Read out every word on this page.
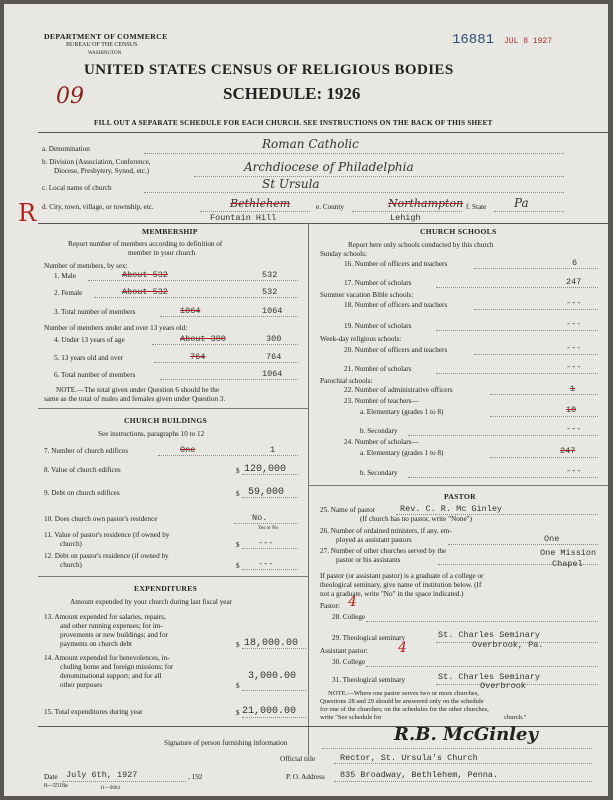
DEPARTMENT OF COMMERCE
BUREAU OF THE CENSUS
WASHINGTON
16881 JUL 8 1927
UNITED STATES CENSUS OF RELIGIOUS BODIES
SCHEDULE: 1926
09
FILL OUT A SEPARATE SCHEDULE FOR EACH CHURCH. SEE INSTRUCTIONS ON THE BACK OF THIS SHEET
a. Denomination	Roman Catholic
b. Division (Association, Conference,
Diocese, Presbytery, Synod, etc.)	Archdiocese of Philadelphia
c. Local name of church	St Ursula
R d. City, town, village, or township, etc.	Bethlehem
Fountain Hill
e. County	Northampton
Lehigh
f. State Pa
MEMBERSHIP
Report number of members according to definition of
member in your church
Number of members, by sex:
1. Male	About 532	532
2. Female	About 532	532
3. Total number of members	1064	1064
Number of members under and over 13 years old:
4. Under 13 years of age	About 300	300
5. 13 years old and over	764	764
6. Total number of members	1064
NOTE.—The total given under Question 6 should be the
same as the total of males and females given under Question 3.
CHURCH BUILDINGS
See instructions, paragraphs 10 to 12
7. Number of church edifices	One	1
8. Value of church edifices	$ 120,000
9. Debt on church edifices	$ 59,000
10. Does church own pastor's residence	No.
Yes or No
11. Value of pastor's residence (if owned by
church)	$ ---
12. Debt on pastor's residence (if owned by
church)	$ ---
EXPENDITURES
Amount expended by your church during last fiscal year
13. Amount expended for salaries, repairs,
and other running expenses; for im-
provements or new buildings; and for
payments on church debt	$ 18,000.00
14. Amount expended for benevolences, in-
cluding home and foreign missions; for
denominational support; and for all
other purposes	$
3,000.00
15. Total expenditures during year	$ 21,000.00
CHURCH SCHOOLS
Report here only schools conducted by this church
Sunday schools:
16. Number of officers and teachers	6
17. Number of scholars	247
Summer vacation Bible schools:
18. Number of officers and teachers	---
19. Number of scholars	---
Week-day religious schools:
20. Number of officers and teachers	---
21. Number of scholars	---
Parochial schools:
22. Number of administrative officers	1
23. Number of teachers—
a. Elementary (grades 1 to 8)	10
b. Secondary	---
24. Number of scholars—
a. Elementary (grades 1 to 8)	247
b. Secondary	---
PASTOR
25. Name of pastor	Rev. C. R. Mc Ginley
(If church has no pastor, write "None")
26. Number of ordained ministers, if any, em-
ployed as assistant pastors	One
27. Number of other churches served by the
pastor or his assistants
One Mission
Chapel
If pastor (or assistant pastor) is a graduate of a college or
theological seminary, give name of institution below. (If
not a graduate, write "No" in the space indicated.)
Pastor: 4
28. College
29. Theological seminary	St. Charles Seminary
Overbrook, Pa.
Assistant pastor: 4
30. College
31. Theological seminary	St. Charles Seminary
Overbrook
NOTE.—Where one pastor serves two or more churches,
Questions 28 and 29 should be answered only on the schedule
for one of the churches; on the schedules for the other churches,
write "See schedule for	church."
Signature of person furnishing information	R.B. McGinley
Official title	Rector, St. Ursula's Church
Date July 6th, 1927	, 192	P. O. Address 835 Broadway, Bethlehem, Penna.
8—5518a	11—9064
